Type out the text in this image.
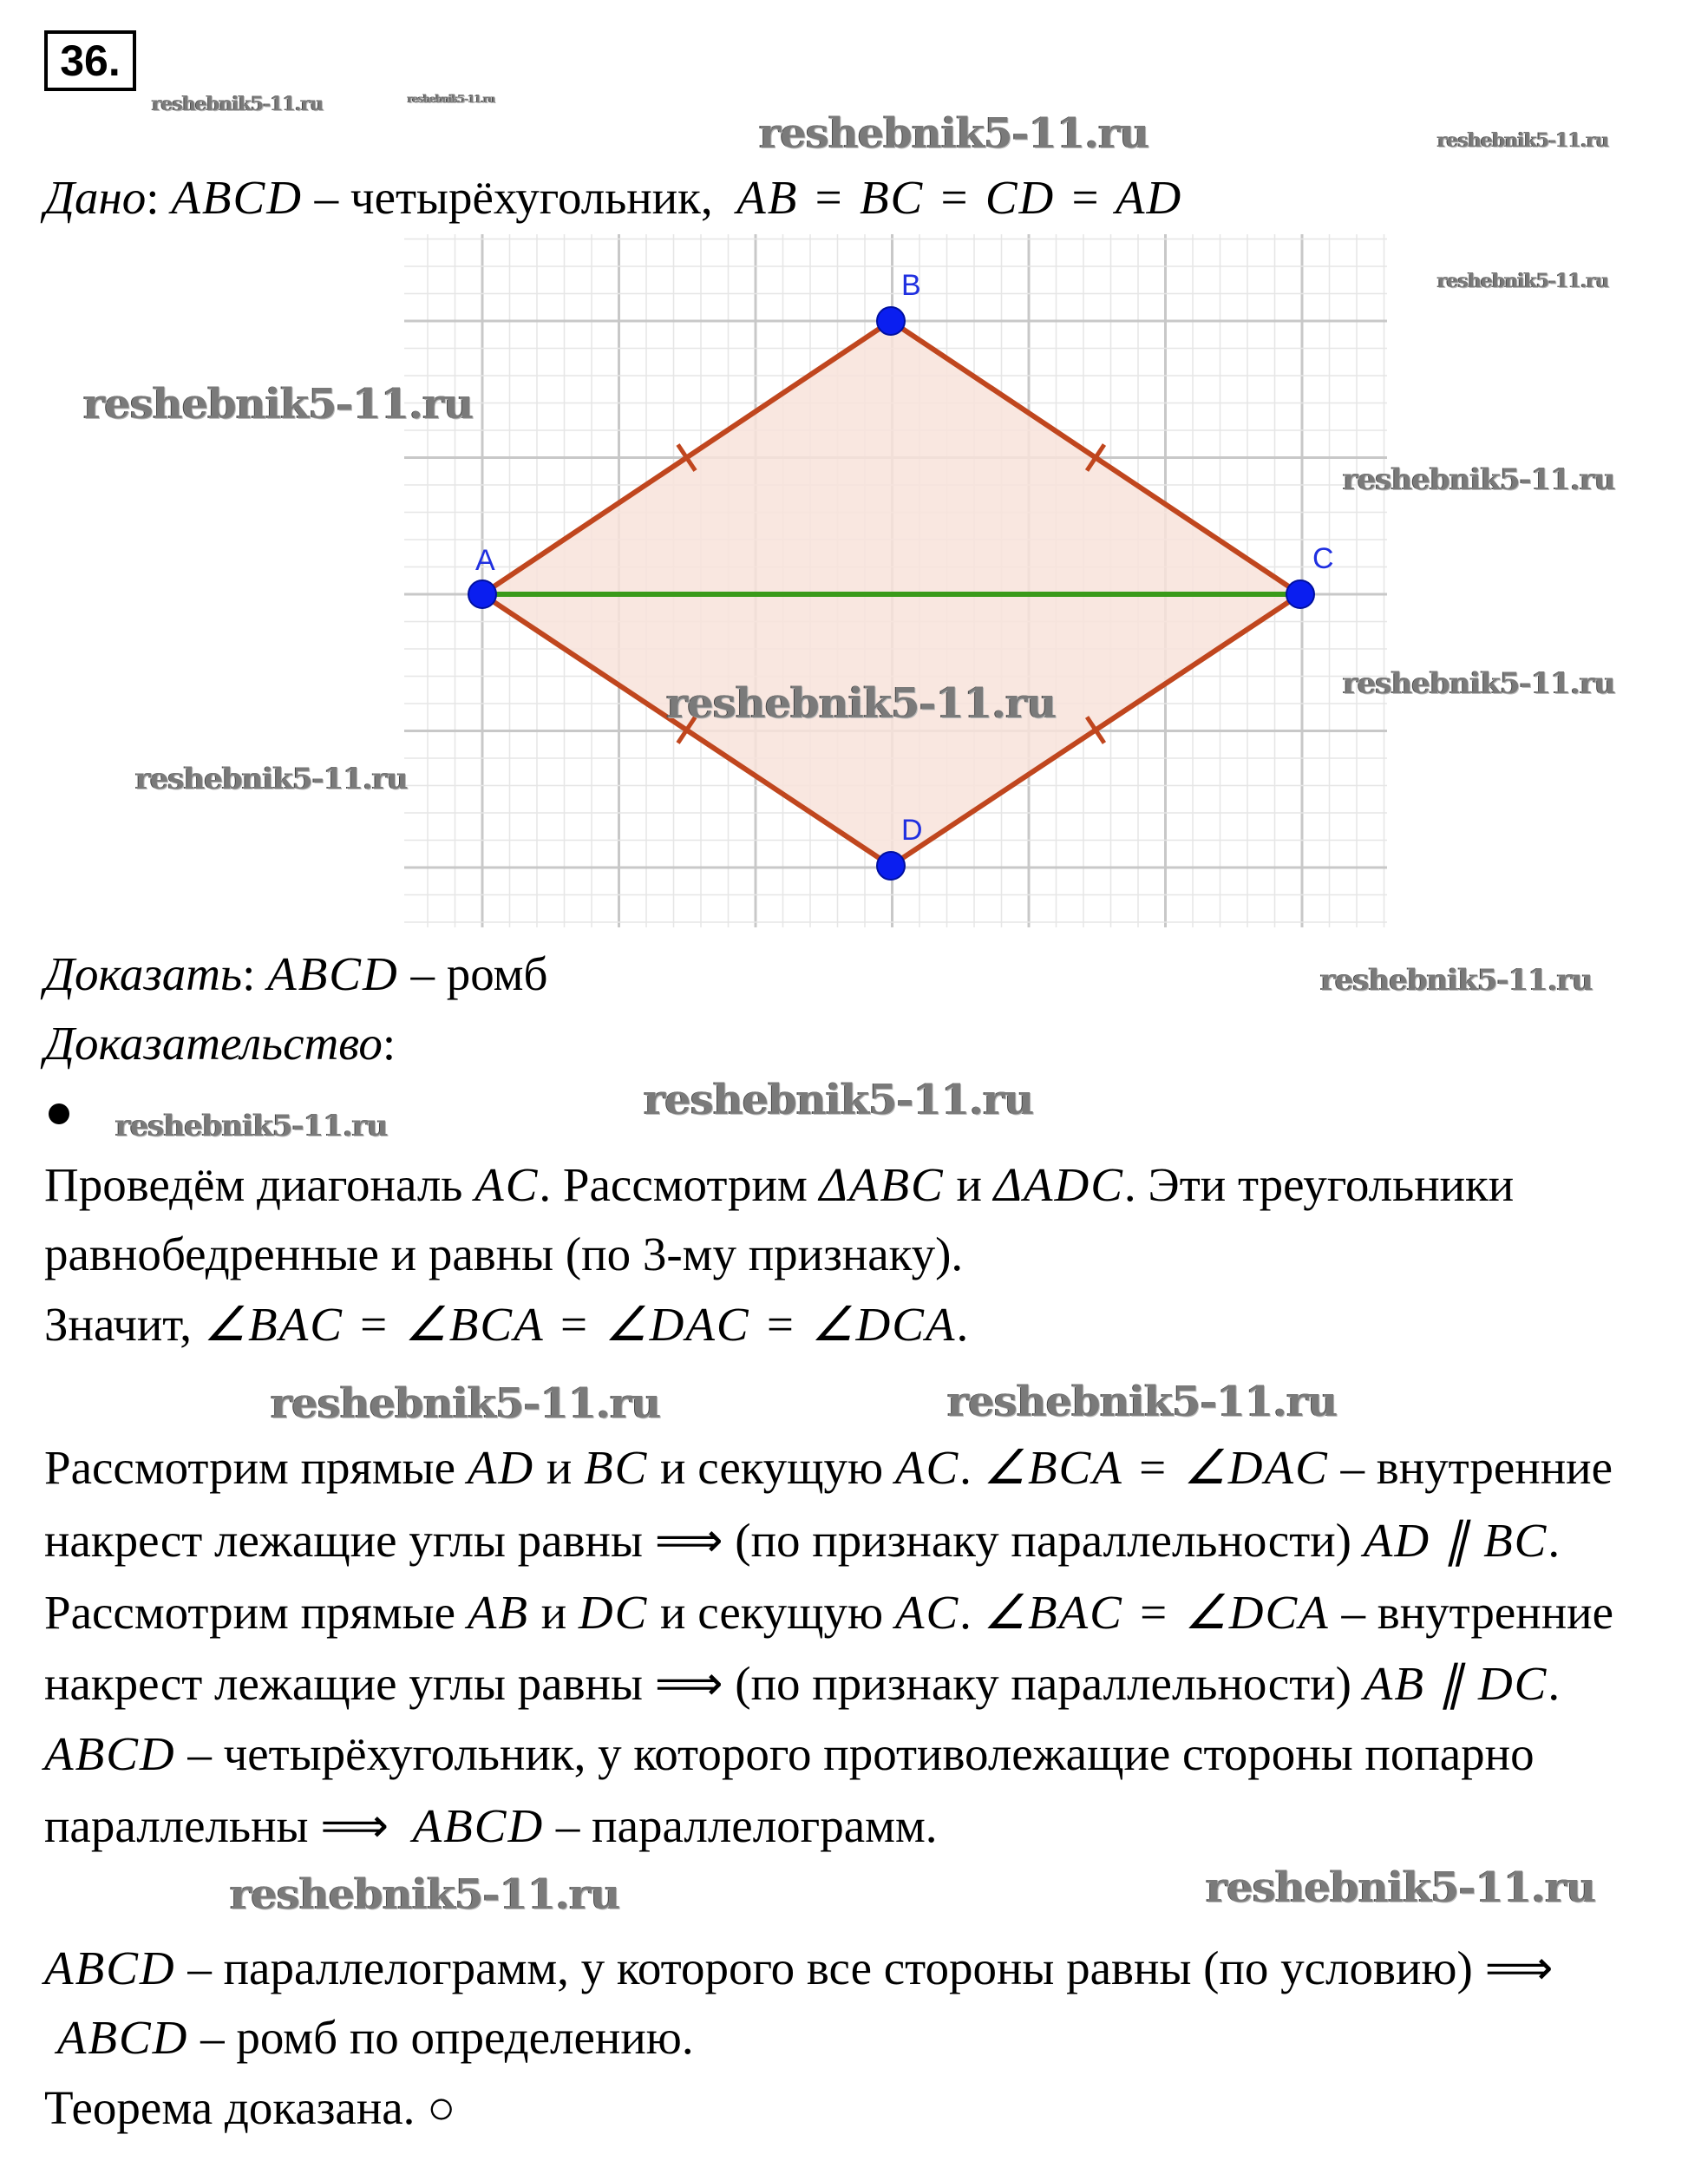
36.
Дано: ABCD – четырёхугольник,  AB = BC = CD = AD
A
B
C
D
Доказать: ABCD – ромб
Доказательство:
Проведём диагональ AC. Рассмотрим ΔABC и ΔADC. Эти треугольники
равнобедренные и равны (по 3-му признаку).
Значит, ∠BAC = ∠BCA = ∠DAC = ∠DCA.
Рассмотрим прямые AD и BC и секущую AC. ∠BCA = ∠DAC – внутренние
накрест лежащие углы равны ⟹ (по признаку параллельности) AD ∥ BC.
Рассмотрим прямые AB и DC и секущую AC. ∠BAC = ∠DCA – внутренние
накрест лежащие углы равны ⟹ (по признаку параллельности) AB ∥ DC.
ABCD – четырёхугольник, у которого противолежащие стороны попарно
параллельны ⟹  ABCD – параллелограмм.
ABCD – параллелограмм, у которого все стороны равны (по условию) ⟹
ABCD – ромб по определению.
Теорема доказана. ○
reshebnik5-11.ru	reshebnik5-11.ru
reshebnik5-11.ru	reshebnik5-11.ru
reshebnik5-11.ru
reshebnik5-11.ru
reshebnik5-11.ru
reshebnik5-11.ru	reshebnik5-11.ru
reshebnik5-11.ru
reshebnik5-11.ru
reshebnik5-11.ru
reshebnik5-11.ru
reshebnik5-11.ru
reshebnik5-11.ru
reshebnik5-11.ru
reshebnik5-11.ru
